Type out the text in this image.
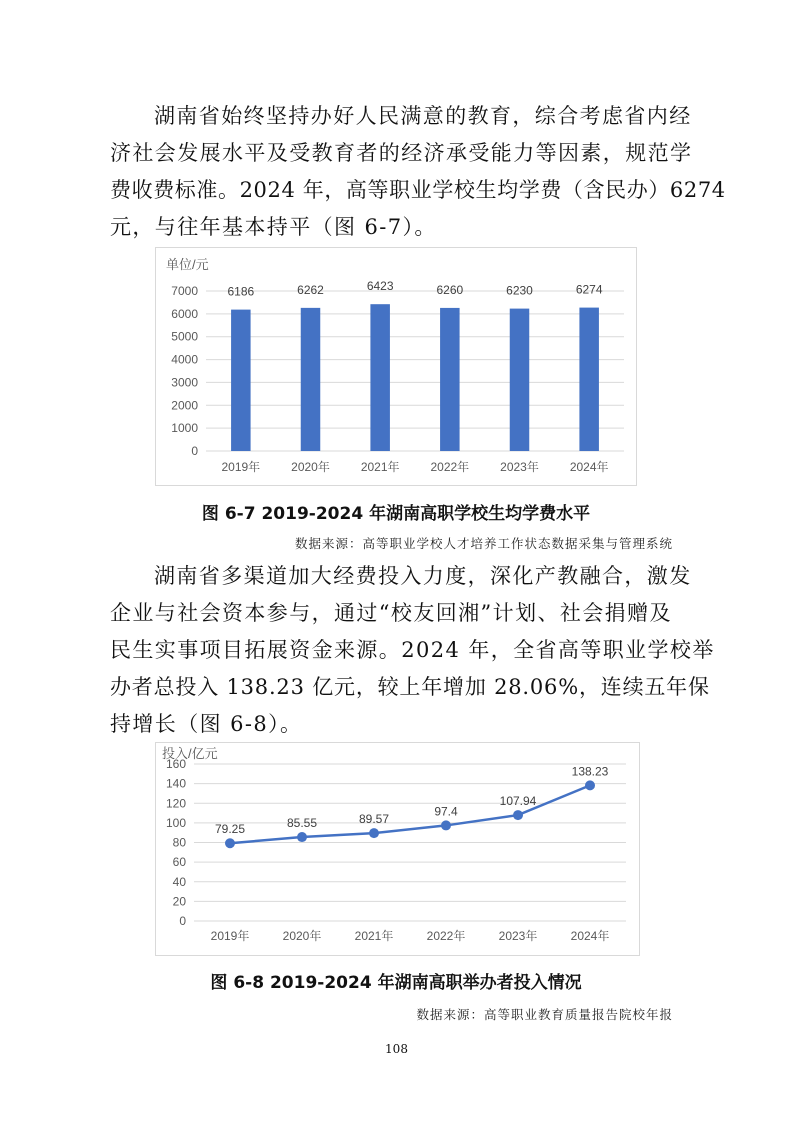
湖南省始终坚持办好人民满意的教育，综合考虑省内经
济社会发展水平及受教育者的经济承受能力等因素，规范学
费收费标准。2024 年，高等职业学校生均学费（含民办）6274
元，与往年基本持平（图 6-7）。
单位/元
0
1000
2000
3000
4000
5000
6000
7000
2019年	2020年	2021年	2022年	2023年	2024年
6186	6262	6423	6260	6230	6274

图 6-7 2019-2024 年湖南高职学校生均学费水平

数据来源：高等职业学校人才培养工作状态数据采集与管理系统

湖南省多渠道加大经费投入力度，深化产教融合，激发
企业与社会资本参与，通过“校友回湘”计划、社会捐赠及
民生实事项目拓展资金来源。2024 年，全省高等职业学校举
办者总投入 138.23 亿元，较上年增加 28.06%，连续五年保
持增长（图 6-8）。
投入/亿元
0
20
40
60
80
100
120
140
160
2019年	2020年	2021年	2022年	2023年	2024年
79.25	85.55	89.57
97.4
107.94
138.23

图 6-8 2019-2024 年湖南高职举办者投入情况

数据来源：高等职业教育质量报告院校年报

108
